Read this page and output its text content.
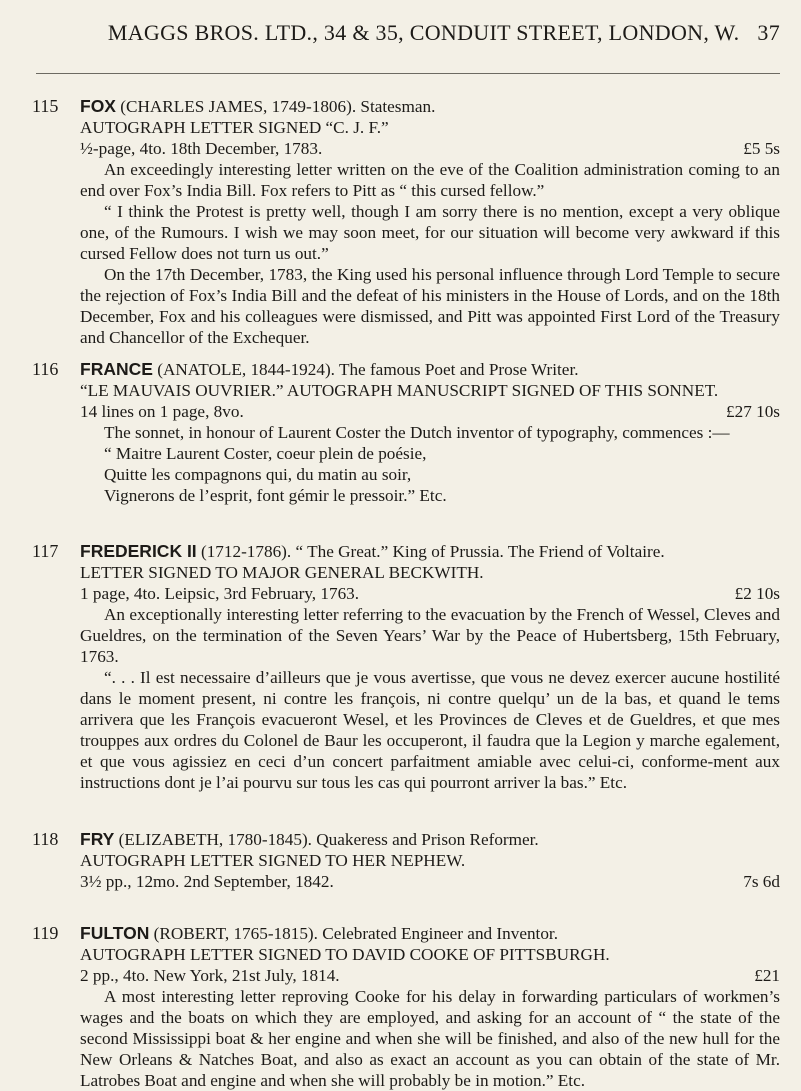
MAGGS BROS. LTD., 34 & 35, CONDUIT STREET, LONDON, W. 37
115 FOX (CHARLES JAMES, 1749-1806). Statesman.

AUTOGRAPH LETTER SIGNED “C. J. F.”

½-page, 4to. 18th December, 1783.	£5 5s

An exceedingly interesting letter written on the eve of the Coalition administration coming to an end over Fox’s India Bill. Fox refers to Pitt as “ this cursed fellow.”

“ I think the Protest is pretty well, though I am sorry there is no mention, except a very oblique one, of the Rumours. I wish we may soon meet, for our situation will become very awkward if this cursed Fellow does not turn us out.”

On the 17th December, 1783, the King used his personal influence through Lord Temple to secure the rejection of Fox’s India Bill and the defeat of his ministers in the House of Lords, and on the 18th December, Fox and his colleagues were dismissed, and Pitt was appointed First Lord of the Treasury and Chancellor of the Exchequer.

116 FRANCE (ANATOLE, 1844-1924). The famous Poet and Prose Writer.

“LE MAUVAIS OUVRIER.” AUTOGRAPH MANUSCRIPT SIGNED OF THIS SONNET.

14 lines on 1 page, 8vo.	£27 10s

The sonnet, in honour of Laurent Coster the Dutch inventor of typography, commences :—

“ Maitre Laurent Coster, coeur plein de poésie,
Quitte les compagnons qui, du matin au soir,
Vignerons de l’esprit, font gémir le pressoir.” Etc.
117 FREDERICK II (1712-1786). “ The Great.” King of Prussia. The Friend of Voltaire.

LETTER SIGNED TO MAJOR GENERAL BECKWITH.

1 page, 4to. Leipsic, 3rd February, 1763.	£2 10s

An exceptionally interesting letter referring to the evacuation by the French of Wessel, Cleves and Gueldres, on the termination of the Seven Years’ War by the Peace of Hubertsberg, 15th February, 1763.

“. . . Il est necessaire d’ailleurs que je vous avertisse, que vous ne devez exercer aucune hostilité dans le moment present, ni contre les françois, ni contre quelqu’ un de la bas, et quand le tems arrivera que les François evacueront Wesel, et les Provinces de Cleves et de Gueldres, et que mes trouppes aux ordres du Colonel de Baur les occuperont, il faudra que la Legion y marche egalement, et que vous agissiez en ceci d’un concert parfaitment amiable avec celui-ci, conforme-ment aux instructions dont je l’ai pourvu sur tous les cas qui pourront arriver la bas.” Etc.

118 FRY (ELIZABETH, 1780-1845). Quakeress and Prison Reformer.

AUTOGRAPH LETTER SIGNED TO HER NEPHEW.

3½ pp., 12mo. 2nd September, 1842.	7s 6d

119 FULTON (ROBERT, 1765-1815). Celebrated Engineer and Inventor.

AUTOGRAPH LETTER SIGNED TO DAVID COOKE OF PITTSBURGH.

2 pp., 4to. New York, 21st July, 1814.	£21

A most interesting letter reproving Cooke for his delay in forwarding particulars of workmen’s wages and the boats on which they are employed, and asking for an account of “ the state of the second Mississippi boat & her engine and when she will be finished, and also of the new hull for the New Orleans & Natches Boat, and also as exact an account as you can obtain of the state of Mr. Latrobes Boat and engine and when she will probably be in motion.” Etc.
